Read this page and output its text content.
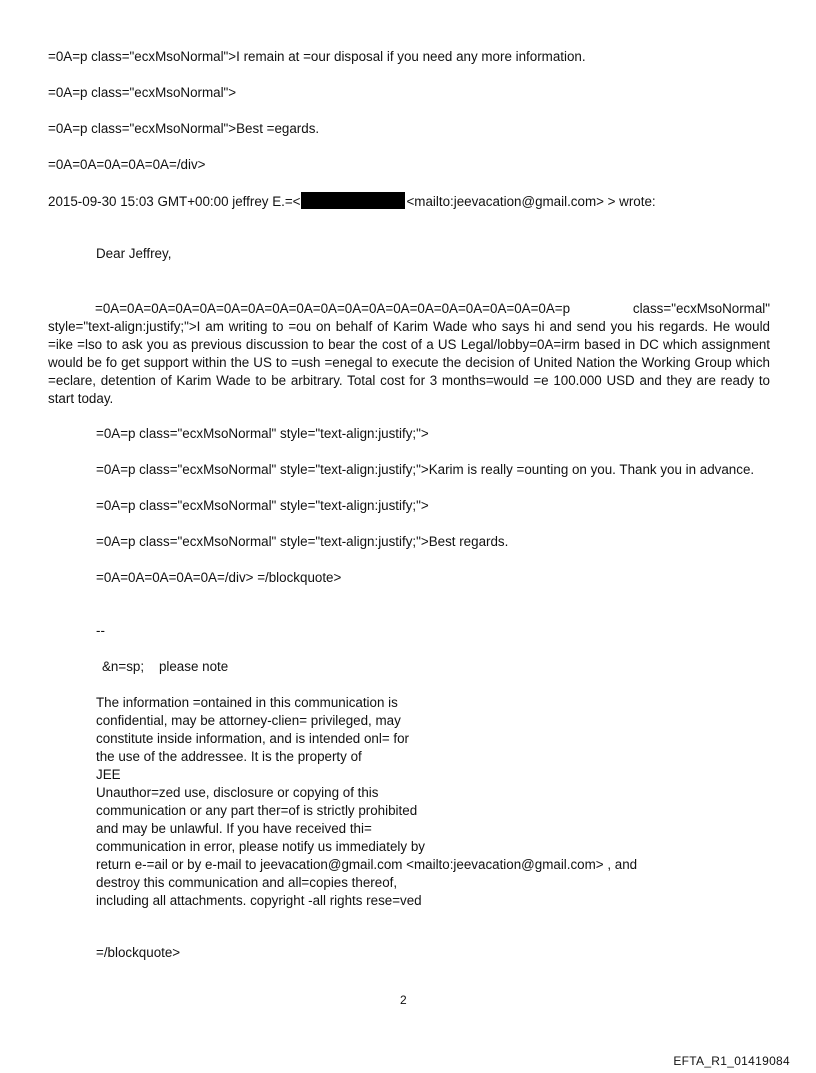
=0A=p class="ecxMsoNormal">I remain at =our disposal if you need any more information.
=0A=p class="ecxMsoNormal">
=0A=p class="ecxMsoNormal">Best =egards.
=0A=0A=0A=0A=0A=/div>
2015-09-30 15:03 GMT+00:00 jeffrey E.=<	<mailto:jeevacation@gmail.com> > wrote:
Dear Jeffrey,
=0A=0A=0A=0A=0A=0A=0A=0A=0A=0A=0A=0A=0A=0A=0A=0A=0A=0A=0A=p class="ecxMsoNormal" style="text-align:justify;">I am writing to =ou on behalf of Karim Wade who says hi and send you his regards. He would =ike =lso to ask you as previous discussion to bear the cost of a US Legal/lobby=0A=irm based in DC which assignment would be fo get support within the US to =ush =enegal to execute the decision of United Nation the Working Group which =eclare, detention of Karim Wade to be arbitrary. Total cost for 3 months=would =e 100.000 USD and they are ready to start today.
=0A=p class="ecxMsoNormal" style="text-align:justify;">
=0A=p class="ecxMsoNormal" style="text-align:justify;">Karim is really =ounting on you. Thank you in advance.
=0A=p class="ecxMsoNormal" style="text-align:justify;">
=0A=p class="ecxMsoNormal" style="text-align:justify;">Best regards.
=0A=0A=0A=0A=0A=/div> =/blockquote>
--
&n=sp;    please note
The information =ontained in this communication is
confidential, may be attorney-clien= privileged, may
constitute inside information, and is intended onl= for
the use of the addressee. It is the property of
JEE
Unauthor=zed use, disclosure or copying of this
communication or any part ther=of is strictly prohibited
and may be unlawful. If you have received thi=
communication in error, please notify us immediately by
return e-=ail or by e-mail to jeevacation@gmail.com <mailto:jeevacation@gmail.com> , and
destroy this communication and all=copies thereof,
including all attachments. copyright -all rights rese=ved
=/blockquote>
2
EFTA_R1_01419084
